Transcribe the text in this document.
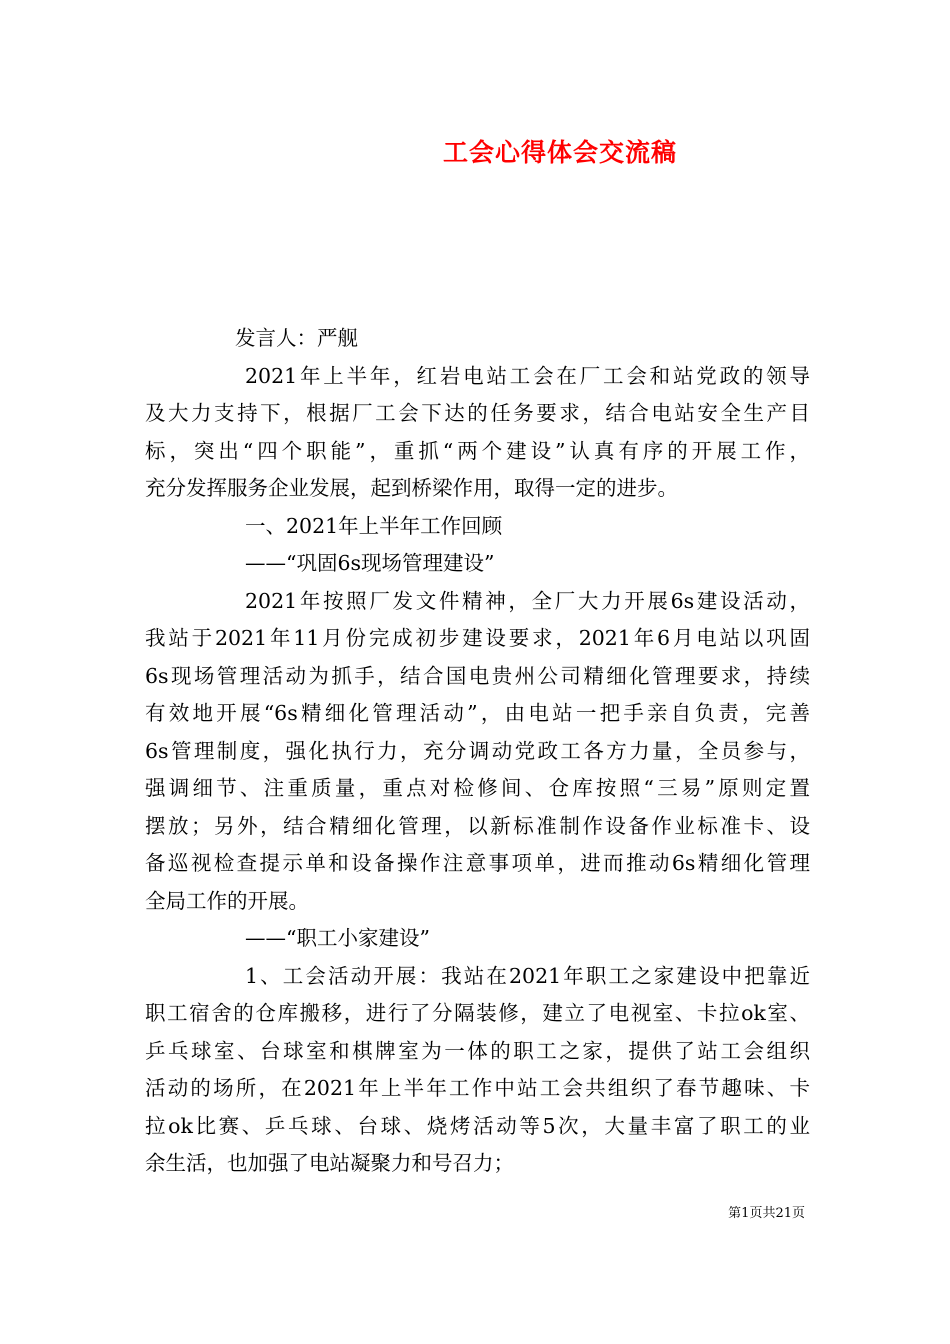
工会心得体会交流稿
发言人：严舰
2021年上半年，红岩电站工会在厂工会和站党政的领导
及大力支持下，根据厂工会下达的任务要求，结合电站安全生产目
标，突出“四个职能”，重抓“两个建设”认真有序的开展工作，
充分发挥服务企业发展，起到桥梁作用，取得一定的进步。
一、2021年上半年工作回顾
——“巩固6s现场管理建设”
2021年按照厂发文件精神，全厂大力开展6s建设活动，
我站于2021年11月份完成初步建设要求，2021年6月电站以巩固
6s现场管理活动为抓手，结合国电贵州公司精细化管理要求，持续
有效地开展“6s精细化管理活动”，由电站一把手亲自负责，完善
6s管理制度，强化执行力，充分调动党政工各方力量，全员参与，
强调细节、注重质量，重点对检修间、仓库按照“三易”原则定置
摆放；另外，结合精细化管理，以新标准制作设备作业标准卡、设
备巡视检查提示单和设备操作注意事项单，进而推动6s精细化管理
全局工作的开展。
——“职工小家建设”
1、工会活动开展：我站在2021年职工之家建设中把靠近
职工宿舍的仓库搬移，进行了分隔装修，建立了电视室、卡拉ok室、
乒乓球室、台球室和棋牌室为一体的职工之家，提供了站工会组织
活动的场所，在2021年上半年工作中站工会共组织了春节趣味、卡
拉ok比赛、乒乓球、台球、烧烤活动等5次，大量丰富了职工的业
余生活，也加强了电站凝聚力和号召力；
第1页共21页
